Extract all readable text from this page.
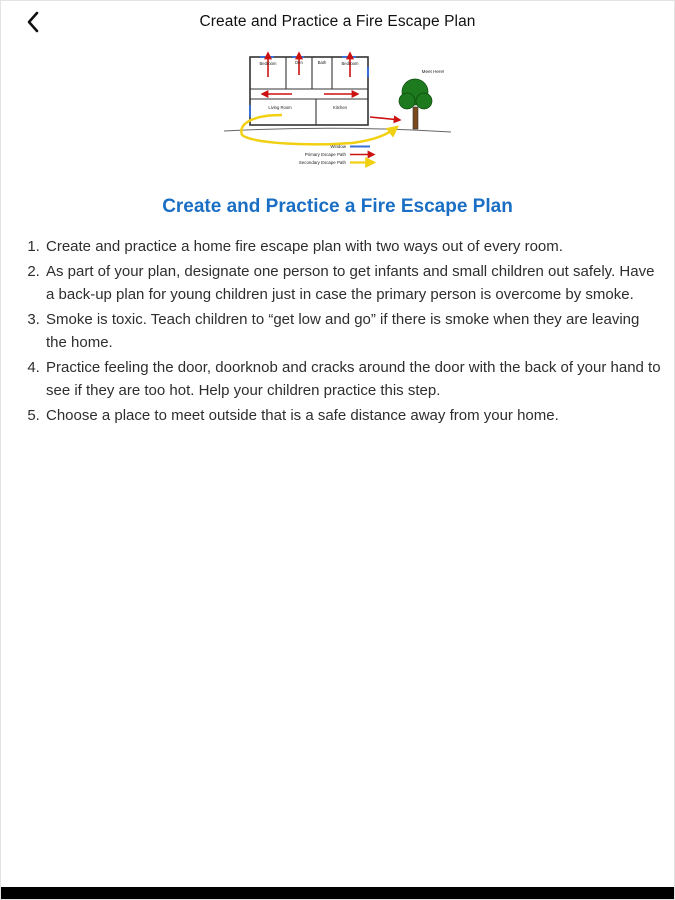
Create and Practice a Fire Escape Plan
Meet Here!
Bedroom	Den	Bath	Bedroom
Living Room	Kitchen
Window
Primary Escape Path
Secondary Escape Path
Create and Practice a Fire Escape Plan
1. Create and practice a home fire escape plan with two ways out of every room.
2. As part of your plan, designate one person to get infants and small children out safely. Have a back-up plan for young children just in case the primary person is overcome by smoke.
3. Smoke is toxic. Teach children to “get low and go” if there is smoke when they are leaving the home.
4. Practice feeling the door, doorknob and cracks around the door with the back of your hand to see if they are too hot. Help your children practice this step.
5. Choose a place to meet outside that is a safe distance away from your home.
